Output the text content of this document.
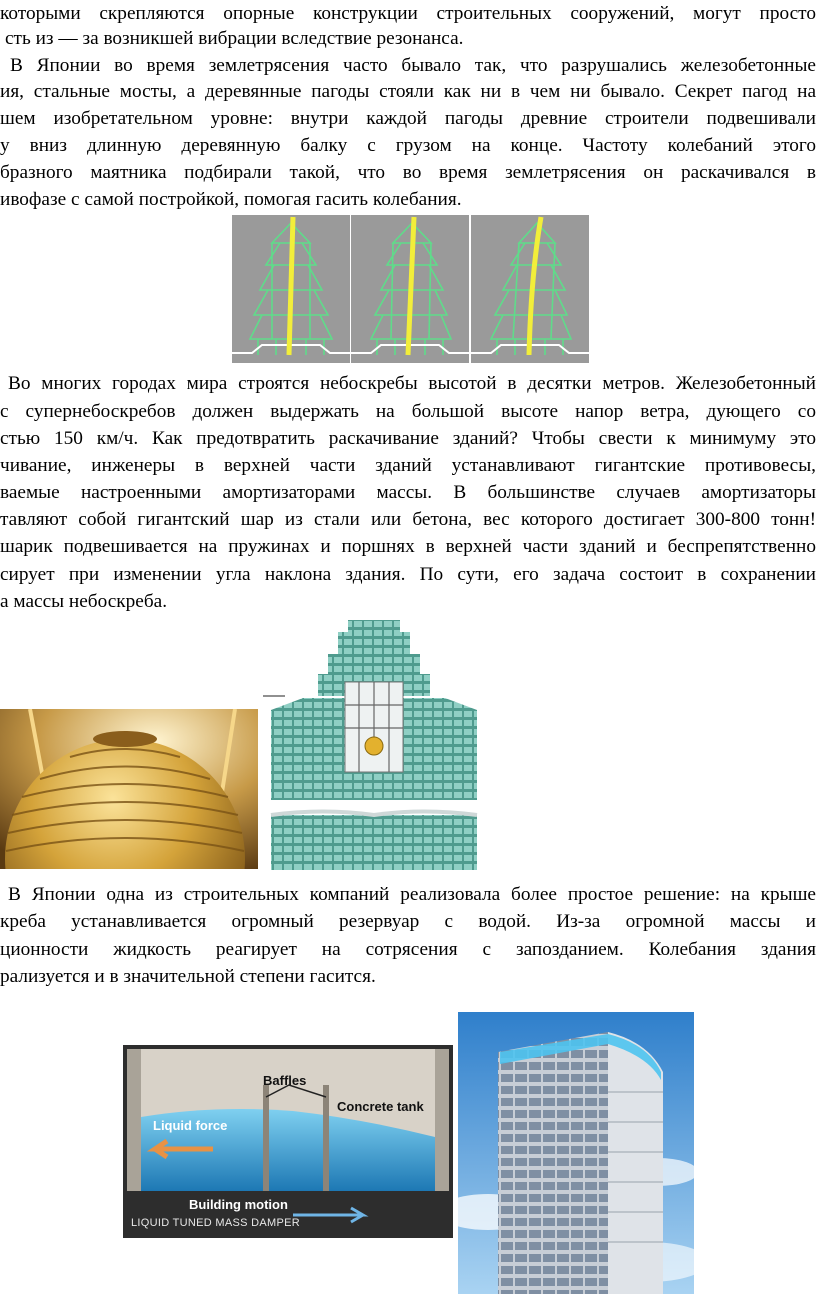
которыми скрепляются опорные конструкции строительных сооружений, могут просто
сть из — за возникшей вибрации вследствие резонанса.
В Японии во время землетрясения часто бывало так, что разрушались железобетонные
ия, стальные мосты, а деревянные пагоды стояли как ни в чем ни бывало. Секрет пагод на
шем изобретательном уровне: внутри каждой пагоды древние строители подвешивали
у вниз длинную деревянную балку с грузом на конце. Частоту колебаний этого
бразного маятника подбирали такой, что во время землетрясения он раскачивался в
ивофазе с самой постройкой, помогая гасить колебания.
Во многих городах мира строятся небоскребы высотой в десятки метров. Железобетонный
с супернебоскребов должен выдержать на большой высоте напор ветра, дующего со
стью 150 км/ч. Как предотвратить раскачивание зданий? Чтобы свести к минимуму это
чивание, инженеры в верхней части зданий устанавливают гигантские противовесы,
ваемые настроенными амортизаторами массы. В большинстве случаев амортизаторы
тавляют собой гигантский шар из стали или бетона, вес которого достигает 300-800 тонн!
шарик подвешивается на пружинах и поршнях в верхней части зданий и беспрепятственно
сирует при изменении угла наклона здания. По сути, его задача состоит в сохранении
а массы небоскреба.
В Японии одна из строительных компаний реализовала более простое решение: на крыше
креба устанавливается огромный резервуар с водой. Из-за огромной массы и
ционности жидкость реагирует на сотрясения с запозданием. Колебания здания
рализуется и в значительной степени гасится.
Baffles
Concrete tank
Liquid force
Building motion
LIQUID TUNED MASS DAMPER
